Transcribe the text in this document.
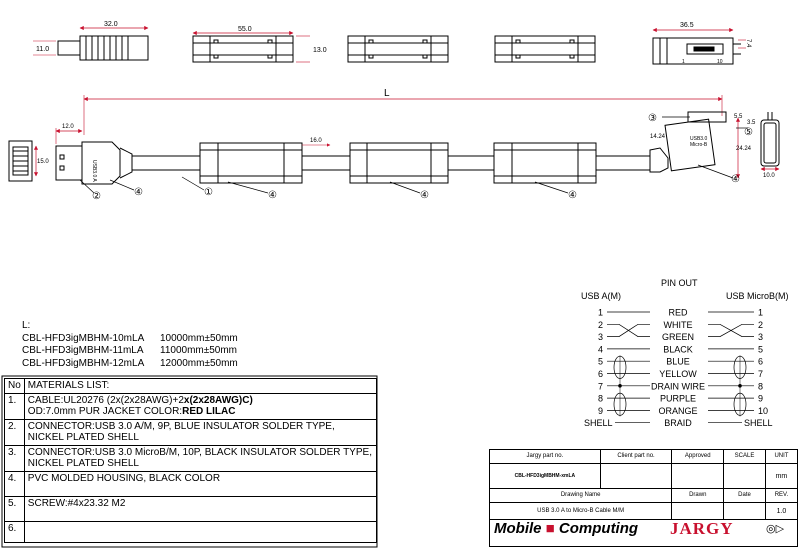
32.0
11.0
55.0
13.0
36.5
7.4
1	10
L
15.0
12.0
USB3.0 A
16.0	USB3.0
Micro-B
14.24
24.24
5.5
3.5
10.0
①
②
③
④	④	④	④
④
⑤
PIN OUT
USB A(M)	USB MicroB(M)
1	RED	1
2	WHITE	2
3	GREEN	3
4	BLACK	5
5	BLUE	6
6	YELLOW	7
7	DRAIN WIRE	8
8	PURPLE	9
9	ORANGE	10
SHELL	BRAID	SHELL
L:
CBL-HFD3igMBHM-10mLA 10000mm±50mm
CBL-HFD3igMBHM-11mLA 11000mm±50mm
CBL-HFD3igMBHM-12mLA 12000mm±50mm
No	MATERIALS LIST:
1.	CABLE:UL20276 (2x(2x28AWG)+2x(2x28AWG)C)
OD:7.0mm PUR JACKET COLOR:RED LILAC
2.	CONNECTOR:USB 3.0 A/M, 9P, BLUE INSULATOR SOLDER TYPE,
NICKEL PLATED SHELL
3.	CONNECTOR:USB 3.0 MicroB/M, 10P, BLACK INSULATOR SOLDER TYPE,
NICKEL PLATED SHELL
4.	PVC MOLDED HOUSING, BLACK COLOR
5.	SCREW:#4x23.32 M2
6.	
Jargy part no.	Client part no.	Approved	SCALE	UNIT
CBL-HFD3igMBHM-xmLA				mm
Drawing Name		Drawn	Date	REV.
USB 3.0 A to Micro-B Cable M/M				1.0
Mobile ■ Computing JARGY	◎▷
